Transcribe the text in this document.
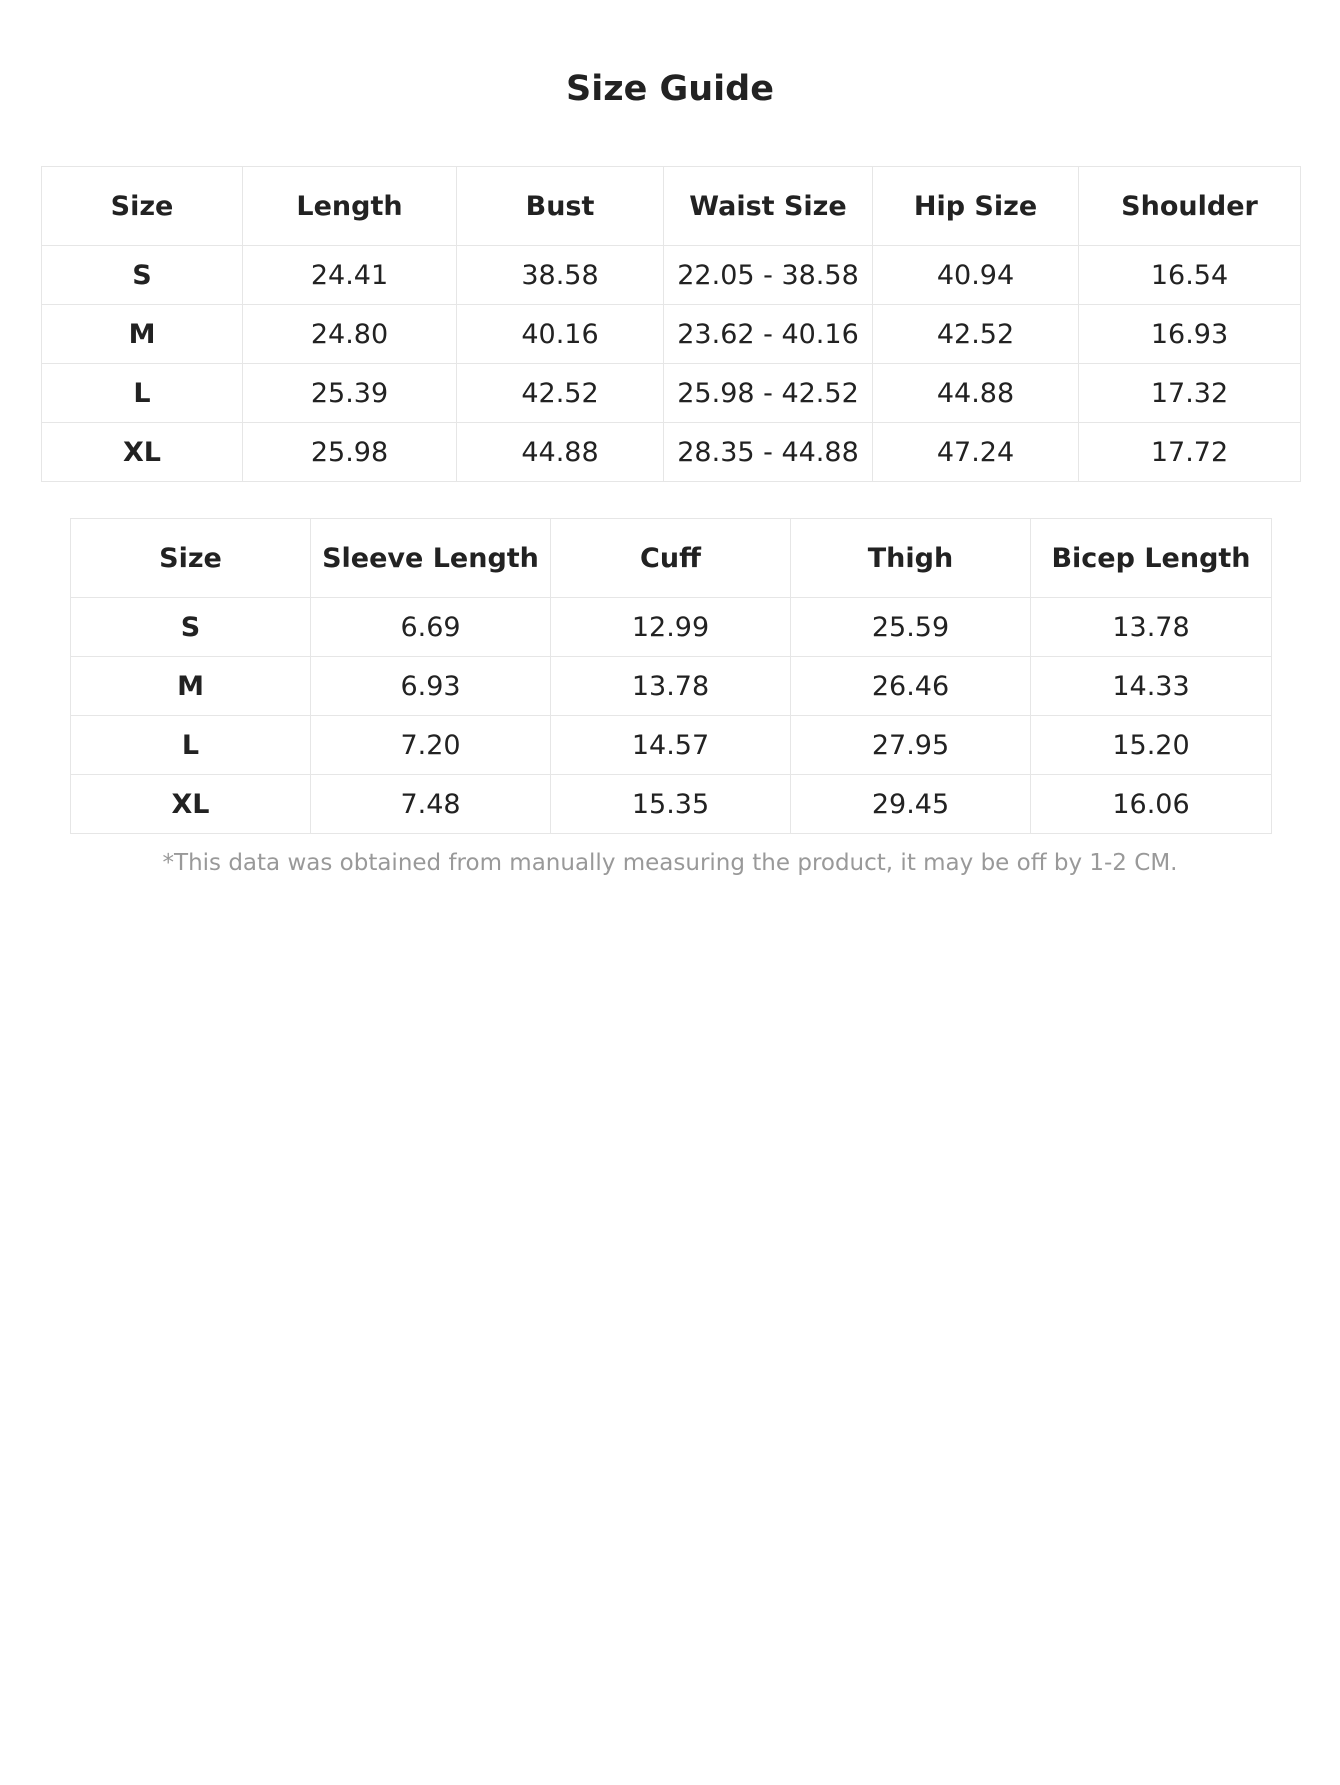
Size Guide
Size	Length	Bust	Waist Size	Hip Size	Shoulder
S	24.41	38.58	22.05 - 38.58	40.94	16.54
M	24.80	40.16	23.62 - 40.16	42.52	16.93
L	25.39	42.52	25.98 - 42.52	44.88	17.32
XL	25.98	44.88	28.35 - 44.88	47.24	17.72
Size	Sleeve Length	Cuff	Thigh	Bicep Length
S	6.69	12.99	25.59	13.78
M	6.93	13.78	26.46	14.33
L	7.20	14.57	27.95	15.20
XL	7.48	15.35	29.45	16.06

*This data was obtained from manually measuring the product, it may be off by 1-2 CM.
